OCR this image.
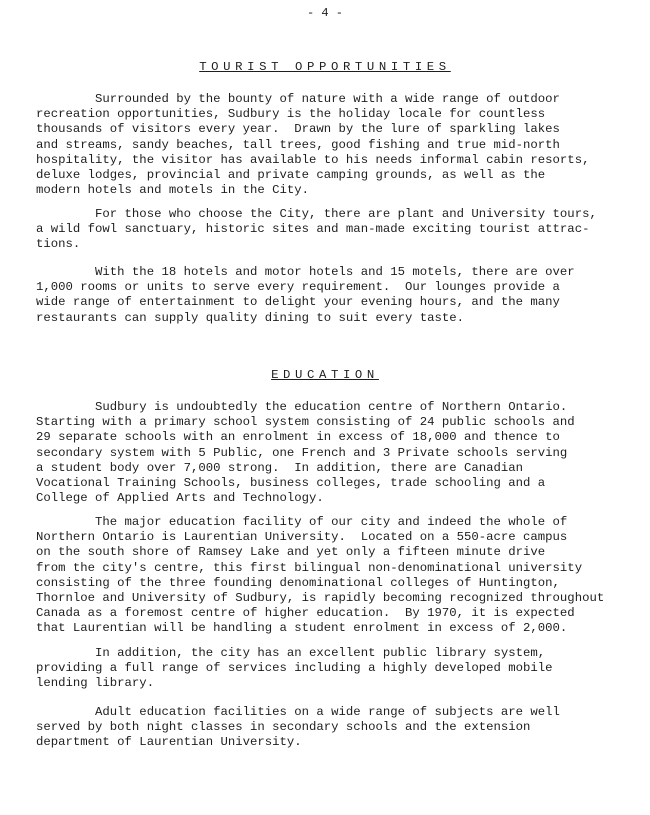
- 4 -
TOURIST OPPORTUNITIES
Surrounded by the bounty of nature with a wide range of outdoor
recreation opportunities, Sudbury is the holiday locale for countless
thousands of visitors every year.  Drawn by the lure of sparkling lakes
and streams, sandy beaches, tall trees, good fishing and true mid-north
hospitality, the visitor has available to his needs informal cabin resorts,
deluxe lodges, provincial and private camping grounds, as well as the
modern hotels and motels in the City.
For those who choose the City, there are plant and University tours,
a wild fowl sanctuary, historic sites and man-made exciting tourist attrac-
tions.
With the 18 hotels and motor hotels and 15 motels, there are over
1,000 rooms or units to serve every requirement.  Our lounges provide a
wide range of entertainment to delight your evening hours, and the many
restaurants can supply quality dining to suit every taste.
EDUCATION
Sudbury is undoubtedly the education centre of Northern Ontario.
Starting with a primary school system consisting of 24 public schools and
29 separate schools with an enrolment in excess of 18,000 and thence to
secondary system with 5 Public, one French and 3 Private schools serving
a student body over 7,000 strong.  In addition, there are Canadian
Vocational Training Schools, business colleges, trade schooling and a
College of Applied Arts and Technology.
The major education facility of our city and indeed the whole of
Northern Ontario is Laurentian University.  Located on a 550-acre campus
on the south shore of Ramsey Lake and yet only a fifteen minute drive
from the city's centre, this first bilingual non-denominational university
consisting of the three founding denominational colleges of Huntington,
Thornloe and University of Sudbury, is rapidly becoming recognized throughout
Canada as a foremost centre of higher education.  By 1970, it is expected
that Laurentian will be handling a student enrolment in excess of 2,000.
In addition, the city has an excellent public library system,
providing a full range of services including a highly developed mobile
lending library.
Adult education facilities on a wide range of subjects are well
served by both night classes in secondary schools and the extension
department of Laurentian University.
